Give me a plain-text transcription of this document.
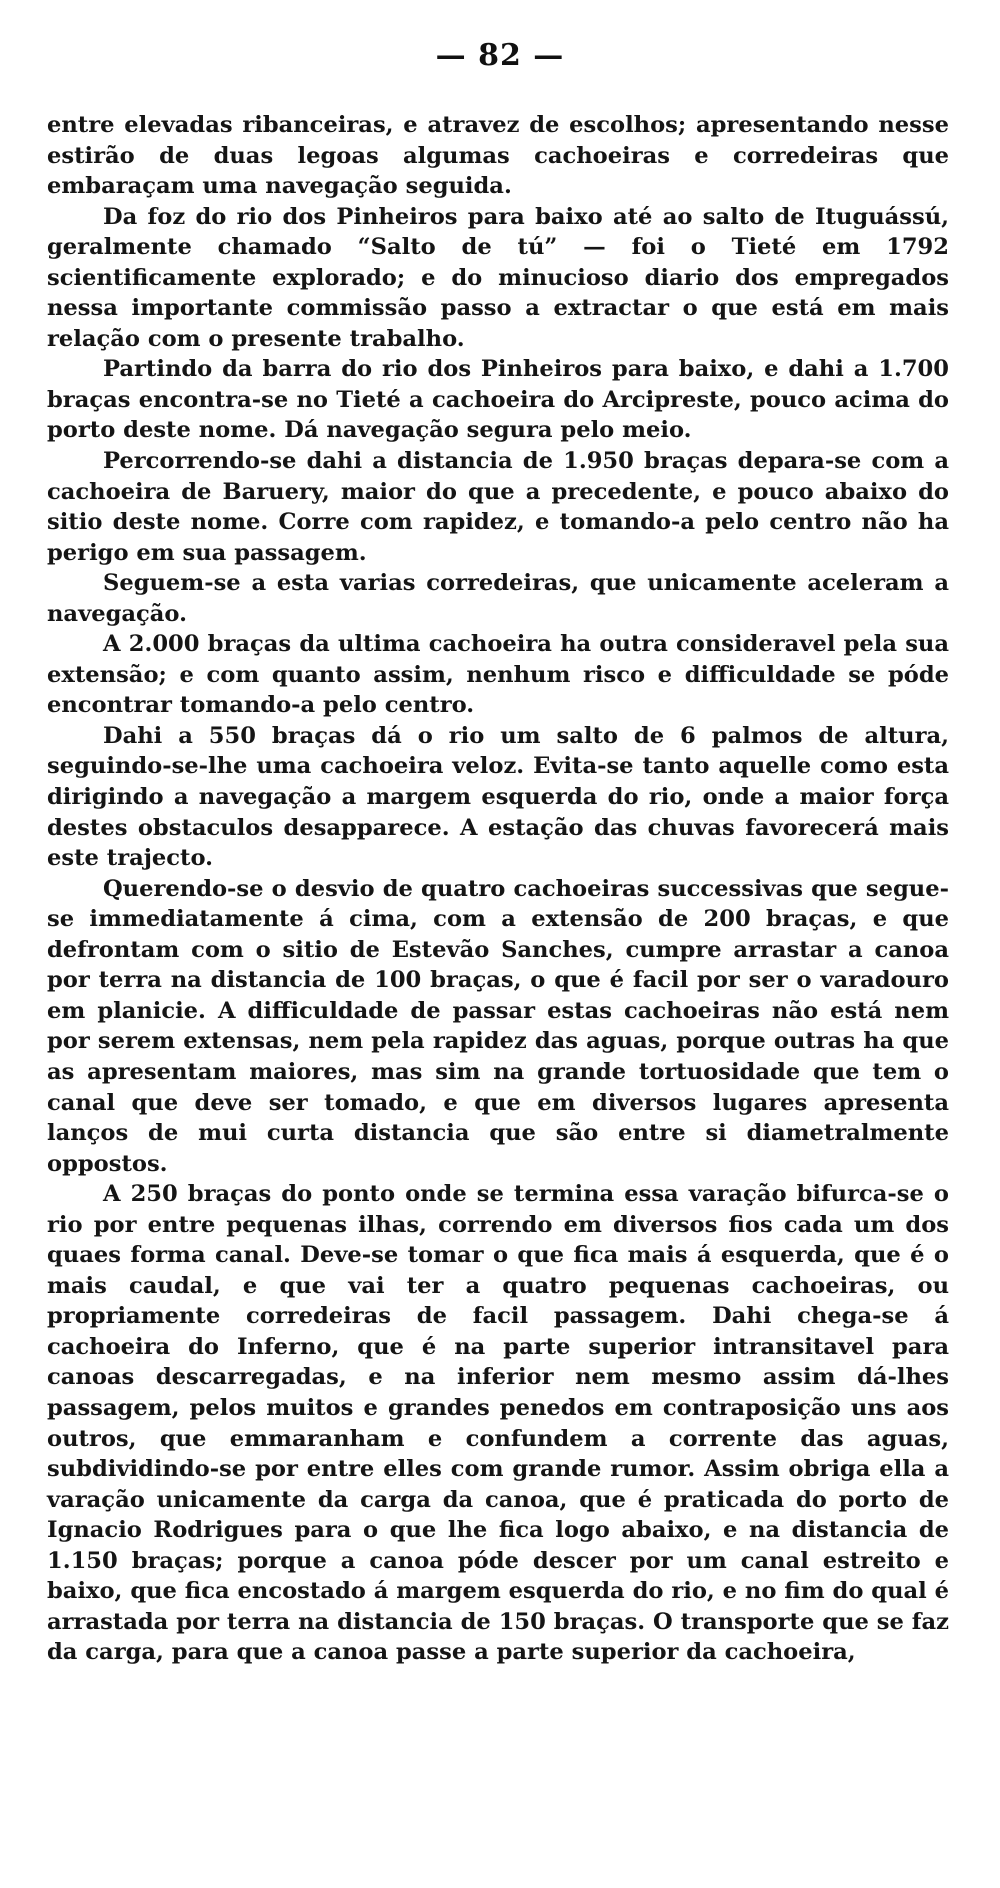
— 82 —

entre elevadas ribanceiras, e atravez de escolhos; apresentando nesse estirão de duas legoas algumas cachoeiras e corredeiras que embaraçam uma navegação seguida.

Da foz do rio dos Pinheiros para baixo até ao salto de Ituguássú, geralmente chamado “Salto de tú” — foi o Tieté em 1792 scientificamente explorado; e do minucioso diario dos empregados nessa importante commissão passo a extractar o que está em mais relação com o presente trabalho.

Partindo da barra do rio dos Pinheiros para baixo, e dahi a 1.700 braças encontra-se no Tieté a cachoeira do Arcipreste, pouco acima do porto deste nome. Dá navegação segura pelo meio.

Percorrendo-se dahi a distancia de 1.950 braças depara-se com a cachoeira de Baruery, maior do que a precedente, e pouco abaixo do sitio deste nome. Corre com rapidez, e tomando-a pelo centro não ha perigo em sua passagem.

Seguem-se a esta varias corredeiras, que unicamente aceleram a navegação.

A 2.000 braças da ultima cachoeira ha outra consideravel pela sua extensão; e com quanto assim, nenhum risco e difficuldade se póde encontrar tomando-a pelo centro.

Dahi a 550 braças dá o rio um salto de 6 palmos de altura, seguindo-se-lhe uma cachoeira veloz. Evita-se tanto aquelle como esta dirigindo a navegação a margem esquerda do rio, onde a maior força destes obstaculos desapparece. A estação das chuvas favorecerá mais este trajecto.

Querendo-se o desvio de quatro cachoeiras successivas que segue-se immediatamente á cima, com a extensão de 200 braças, e que defrontam com o sitio de Estevão Sanches, cumpre arrastar a canoa por terra na distancia de 100 braças, o que é facil por ser o varadouro em planicie. A difficuldade de passar estas cachoeiras não está nem por serem extensas, nem pela rapidez das aguas, porque outras ha que as apresentam maiores, mas sim na grande tortuosidade que tem o canal que deve ser tomado, e que em diversos lugares apresenta lanços de mui curta distancia que são entre si diametralmente oppostos.

A 250 braças do ponto onde se termina essa varação bifurca-se o rio por entre pequenas ilhas, correndo em diversos fios cada um dos quaes forma canal. Deve-se tomar o que fica mais á esquerda, que é o mais caudal, e que vai ter a quatro pequenas cachoeiras, ou propriamente corredeiras de facil passagem. Dahi chega-se á cachoeira do Inferno, que é na parte superior intransitavel para canoas descarregadas, e na inferior nem mesmo assim dá-lhes passagem, pelos muitos e grandes penedos em contraposição uns aos outros, que emmaranham e confundem a corrente das aguas, subdividindo-se por entre elles com grande rumor. Assim obriga ella a varação unicamente da carga da canoa, que é praticada do porto de Ignacio Rodrigues para o que lhe fica logo abaixo, e na distancia de 1.150 braças; porque a canoa póde descer por um canal estreito e baixo, que fica encostado á margem esquerda do rio, e no fim do qual é arrastada por terra na distancia de 150 braças. O transporte que se faz da carga, para que a canoa passe a parte superior da cachoeira,
